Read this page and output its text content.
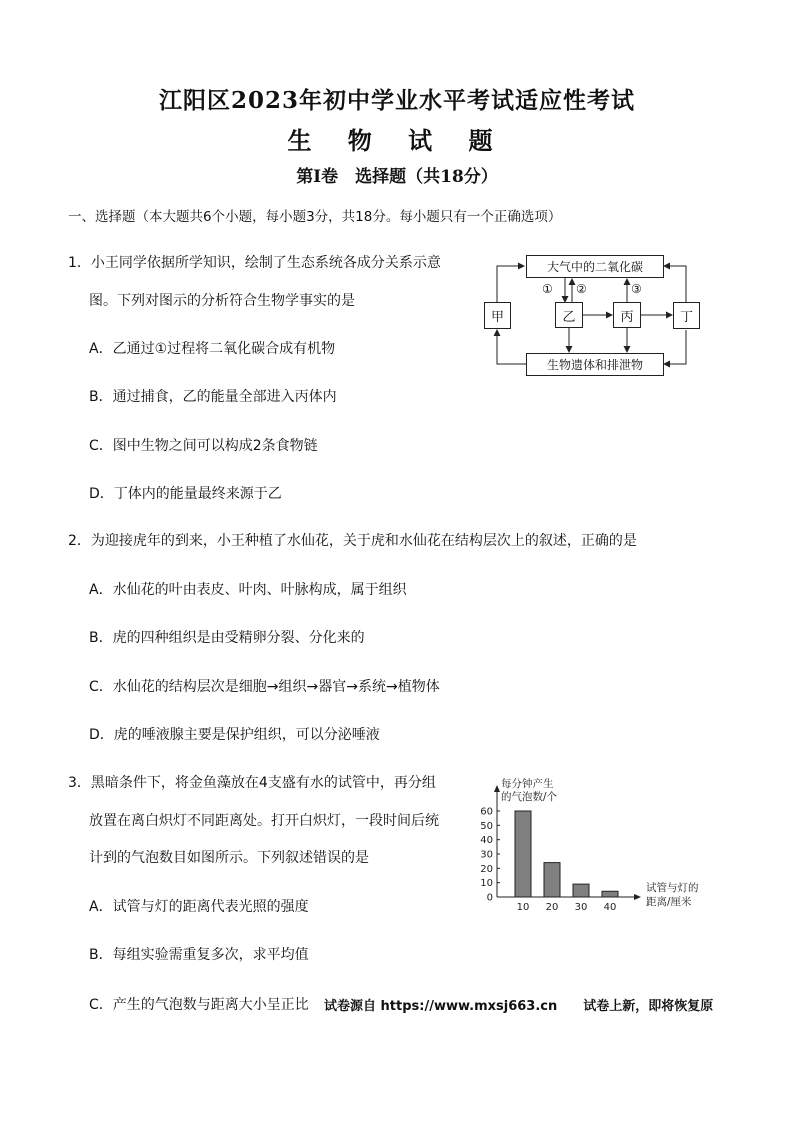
江阳区2023年初中学业水平考试适应性考试
生 物 试 题
第Ⅰ卷　选择题（共18分）
一、选择题（本大题共6个小题，每小题3分，共18分。每小题只有一个正确选项）
1．小王同学依据所学知识，绘制了生态系统各成分关系示意
图。下列对图示的分析符合生物学事实的是
A．乙通过①过程将二氧化碳合成有机物
B．通过捕食，乙的能量全部进入丙体内
C．图中生物之间可以构成2条食物链
D．丁体内的能量最终来源于乙
大气中的二氧化碳
甲	乙	丙	丁
生物遗体和排泄物
① ②	③
2．为迎接虎年的到来，小王种植了水仙花，关于虎和水仙花在结构层次上的叙述，正确的是
A．水仙花的叶由表皮、叶肉、叶脉构成，属于组织
B．虎的四种组织是由受精卵分裂、分化来的
C．水仙花的结构层次是细胞→组织→器官→系统→植物体
D．虎的唾液腺主要是保护组织，可以分泌唾液
3．黑暗条件下，将金鱼藻放在4支盛有水的试管中，再分组
放置在离白炽灯不同距离处。打开白炽灯，一段时间后统
计到的气泡数目如图所示。下列叙述错误的是
A．试管与灯的距离代表光照的强度
B．每组实验需重复多次，求平均值
C．产生的气泡数与距离大小呈正比 试卷源自 https://www.mxsj663.cn　　试卷上新，即将恢复原
0
10
20
30
40
50
60
10 20 30 40
每分钟产生
的气泡数/个
试管与灯的
距离/厘米
